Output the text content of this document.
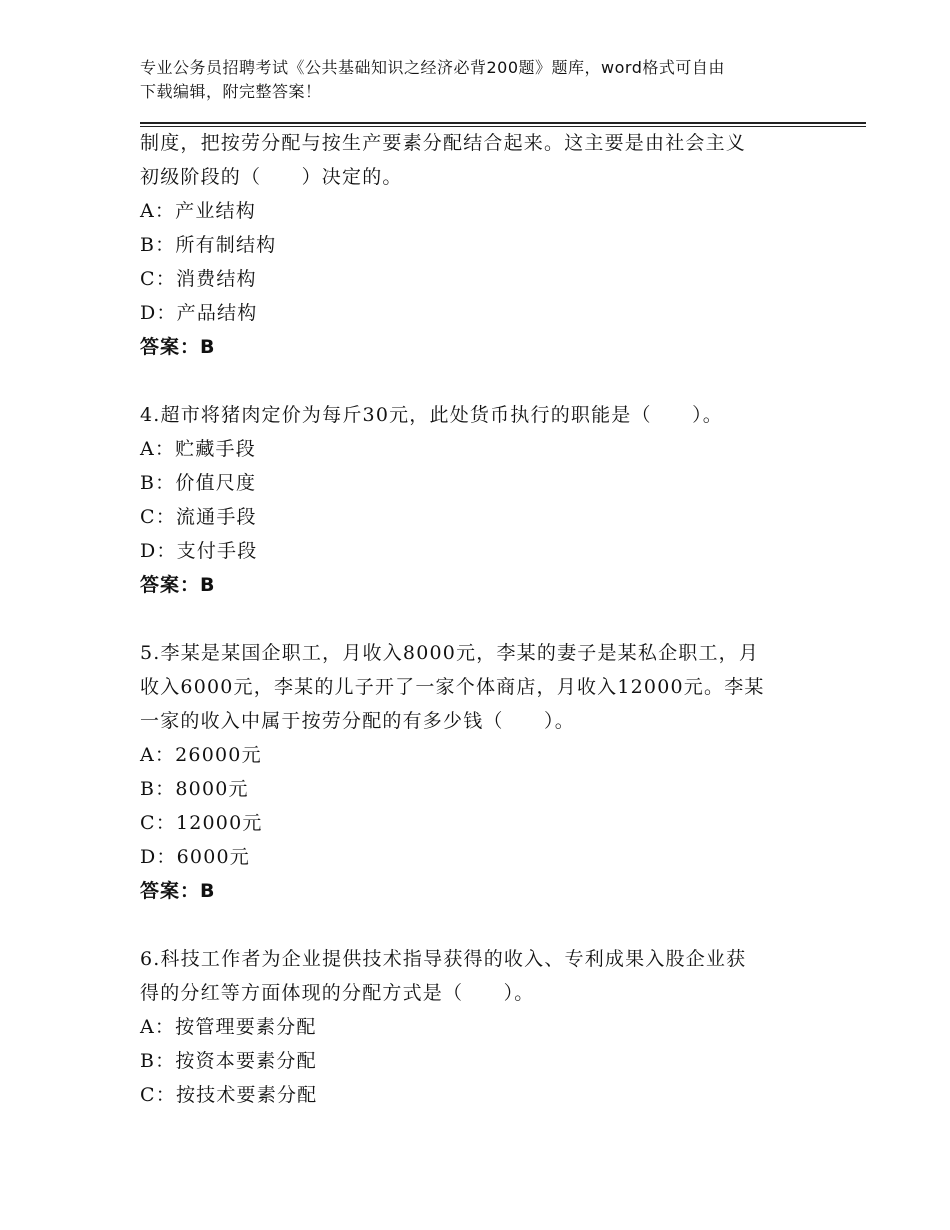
专业公务员招聘考试《公共基础知识之经济必背200题》题库，word格式可自由
下载编辑，附完整答案！
制度，把按劳分配与按生产要素分配结合起来。这主要是由社会主义
初级阶段的（　　）决定的。
A：产业结构
B：所有制结构
C：消费结构
D：产品结构
答案：B
4.超市将猪肉定价为每斤30元，此处货币执行的职能是（　　）。
A：贮藏手段
B：价值尺度
C：流通手段
D：支付手段
答案：B
5.李某是某国企职工，月收入8000元，李某的妻子是某私企职工，月
收入6000元，李某的儿子开了一家个体商店，月收入12000元。李某
一家的收入中属于按劳分配的有多少钱（　　）。
A：26000元
B：8000元
C：12000元
D：6000元
答案：B
6.科技工作者为企业提供技术指导获得的收入、专利成果入股企业获
得的分红等方面体现的分配方式是（　　）。
A：按管理要素分配
B：按资本要素分配
C：按技术要素分配
